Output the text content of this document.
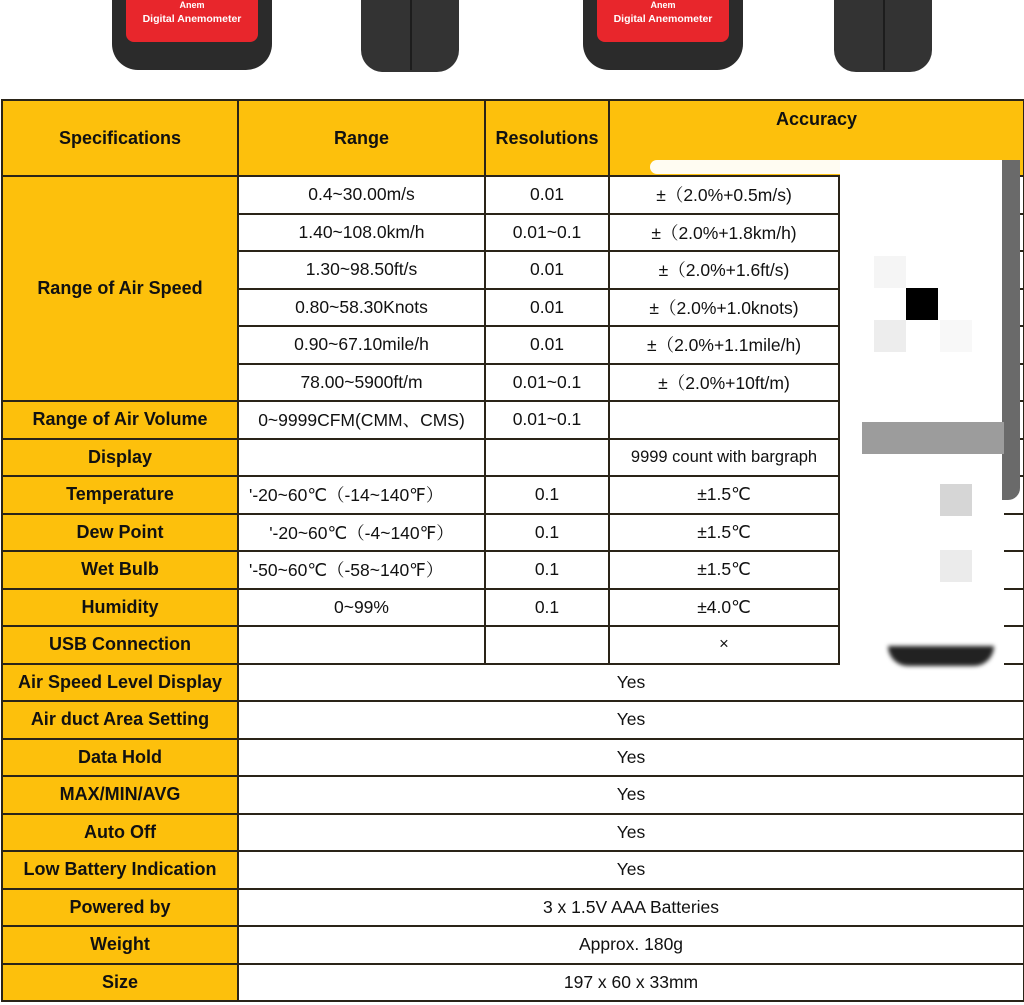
Anem
Digital Anemometer
Anem
Digital Anemometer
Specifications	Range	Resolutions	Accuracy	
Range of Air Speed	0.4~30.00m/s	0.01	±（2.0%+0.5m/s)	
	1.40~108.0km/h	0.01~0.1	±（2.0%+1.8km/h)	
	1.30~98.50ft/s	0.01	±（2.0%+1.6ft/s)	
	0.80~58.30Knots	0.01	±（2.0%+1.0knots)	
	0.90~67.10mile/h	0.01	±（2.0%+1.1mile/h)	
	78.00~5900ft/m	0.01~0.1	±（2.0%+10ft/m)	
Range of Air Volume	0~9999CFM(CMM、CMS)	0.01~0.1		
Display			9999 count with bargraph	
Temperature	'-20~60℃（-14~140℉）	0.1	±1.5℃	
Dew Point	'-20~60℃（-4~140℉）	0.1	±1.5℃	
Wet Bulb	'-50~60℃（-58~140℉）	0.1	±1.5℃	
Humidity	0~99%	0.1	±4.0℃	
USB Connection			×	
Air Speed Level Display	Yes			
Air duct Area Setting	Yes			
Data Hold	Yes			
MAX/MIN/AVG	Yes			
Auto Off	Yes			
Low Battery Indication	Yes			
Powered by	3 x 1.5V AAA Batteries			
Weight	Approx. 180g			
Size	197 x 60 x 33mm			
